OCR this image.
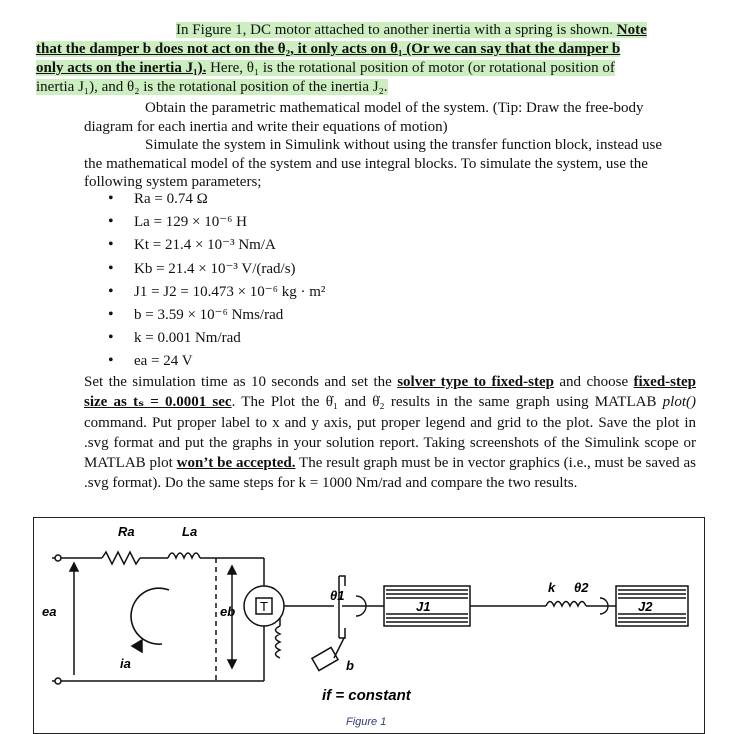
In Figure 1, DC motor attached to another inertia with a spring is shown. Note
that the damper b does not act on the θ₂, it only acts on θ₁ (Or we can say that the damper b
only acts on the inertia J₁). Here, θ₁ is the rotational position of motor (or rotational position of
inertia J₁), and θ₂ is the rotational position of the inertia J₂.
Obtain the parametric mathematical model of the system. (Tip: Draw the free-body
diagram for each inertia and write their equations of motion)
Simulate the system in Simulink without using the transfer function block, instead use
the mathematical model of the system and use integral blocks. To simulate the system, use the
following system parameters;
• Ra = 0.74 Ω
• La = 129 × 10⁻⁶ H
• Kt = 21.4 × 10⁻³ Nm/A
• Kb = 21.4 × 10⁻³ V/(rad/s)
• J1 = J2 = 10.473 × 10⁻⁶ kg · m²
• b = 3.59 × 10⁻⁶ Nms/rad
• k = 0.001 Nm/rad
• ea = 24 V
Set the simulation time as 10 seconds and set the solver type to fixed-step and choose fixed-step size as tₛ = 0.0001 sec. The Plot the θ̇₁ and θ̇₂ results in the same graph using MATLAB plot() command. Put proper label to x and y axis, put proper legend and grid to the plot. Save the plot in .svg format and put the graphs in your solution report. Taking screenshots of the Simulink scope or MATLAB plot won’t be accepted. The result graph must be in vector graphics (i.e., must be saved as .svg format). Do the same steps for k = 1000 Nm/rad and compare the two results.
Ra	La
ea
ia
eb T
θ1
J1
k θ2
J2
b
if = constant
Figure 1
